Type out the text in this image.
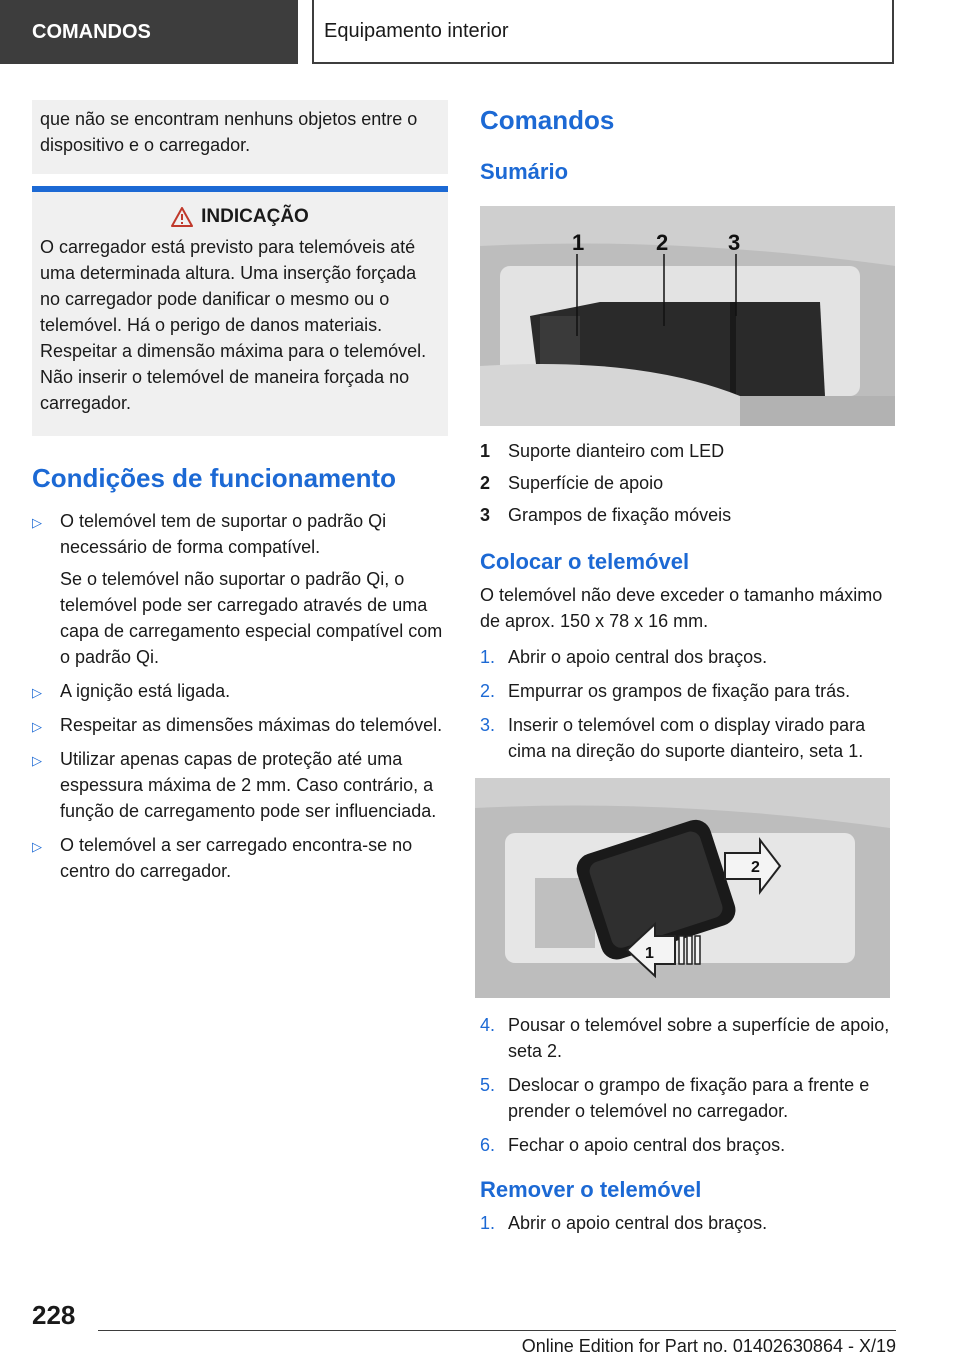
COMANDOS	Equipamento interior
que não se encontram nenhuns objetos entre o dispositivo e o carregador.
INDICAÇÃO
O carregador está previsto para telemóveis até uma determinada altura. Uma inserção forçada no carregador pode danificar o mesmo ou o telemóvel. Há o perigo de danos materiais. Respeitar a dimensão máxima para o telemóvel. Não inserir o telemóvel de maneira forçada no carregador.
Condições de funcionamento
▷ O telemóvel tem de suportar o padrão Qi necessário de forma compatível.
Se o telemóvel não suportar o padrão Qi, o telemóvel pode ser carregado através de uma capa de carregamento especial compatível com o padrão Qi.
▷ A ignição está ligada.
▷ Respeitar as dimensões máximas do telemóvel.
▷ Utilizar apenas capas de proteção até uma espessura máxima de 2 mm. Caso contrário, a função de carregamento pode ser influenciada.
▷ O telemóvel a ser carregado encontra-se no centro do carregador.
Comandos
Sumário
1	2	3
1 Suporte dianteiro com LED
2 Superfície de apoio
3 Grampos de fixação móveis
Colocar o telemóvel
O telemóvel não deve exceder o tamanho máximo de aprox. 150 x 78 x 16 mm.
1. Abrir o apoio central dos braços.
2. Empurrar os grampos de fixação para trás.
3. Inserir o telemóvel com o display virado para cima na direção do suporte dianteiro, seta 1.
1
2
4. Pousar o telemóvel sobre a superfície de apoio, seta 2.
5. Deslocar o grampo de fixação para a frente e prender o telemóvel no carregador.
6. Fechar o apoio central dos braços.
Remover o telemóvel
1. Abrir o apoio central dos braços.
228
Online Edition for Part no. 01402630864 - X/19
